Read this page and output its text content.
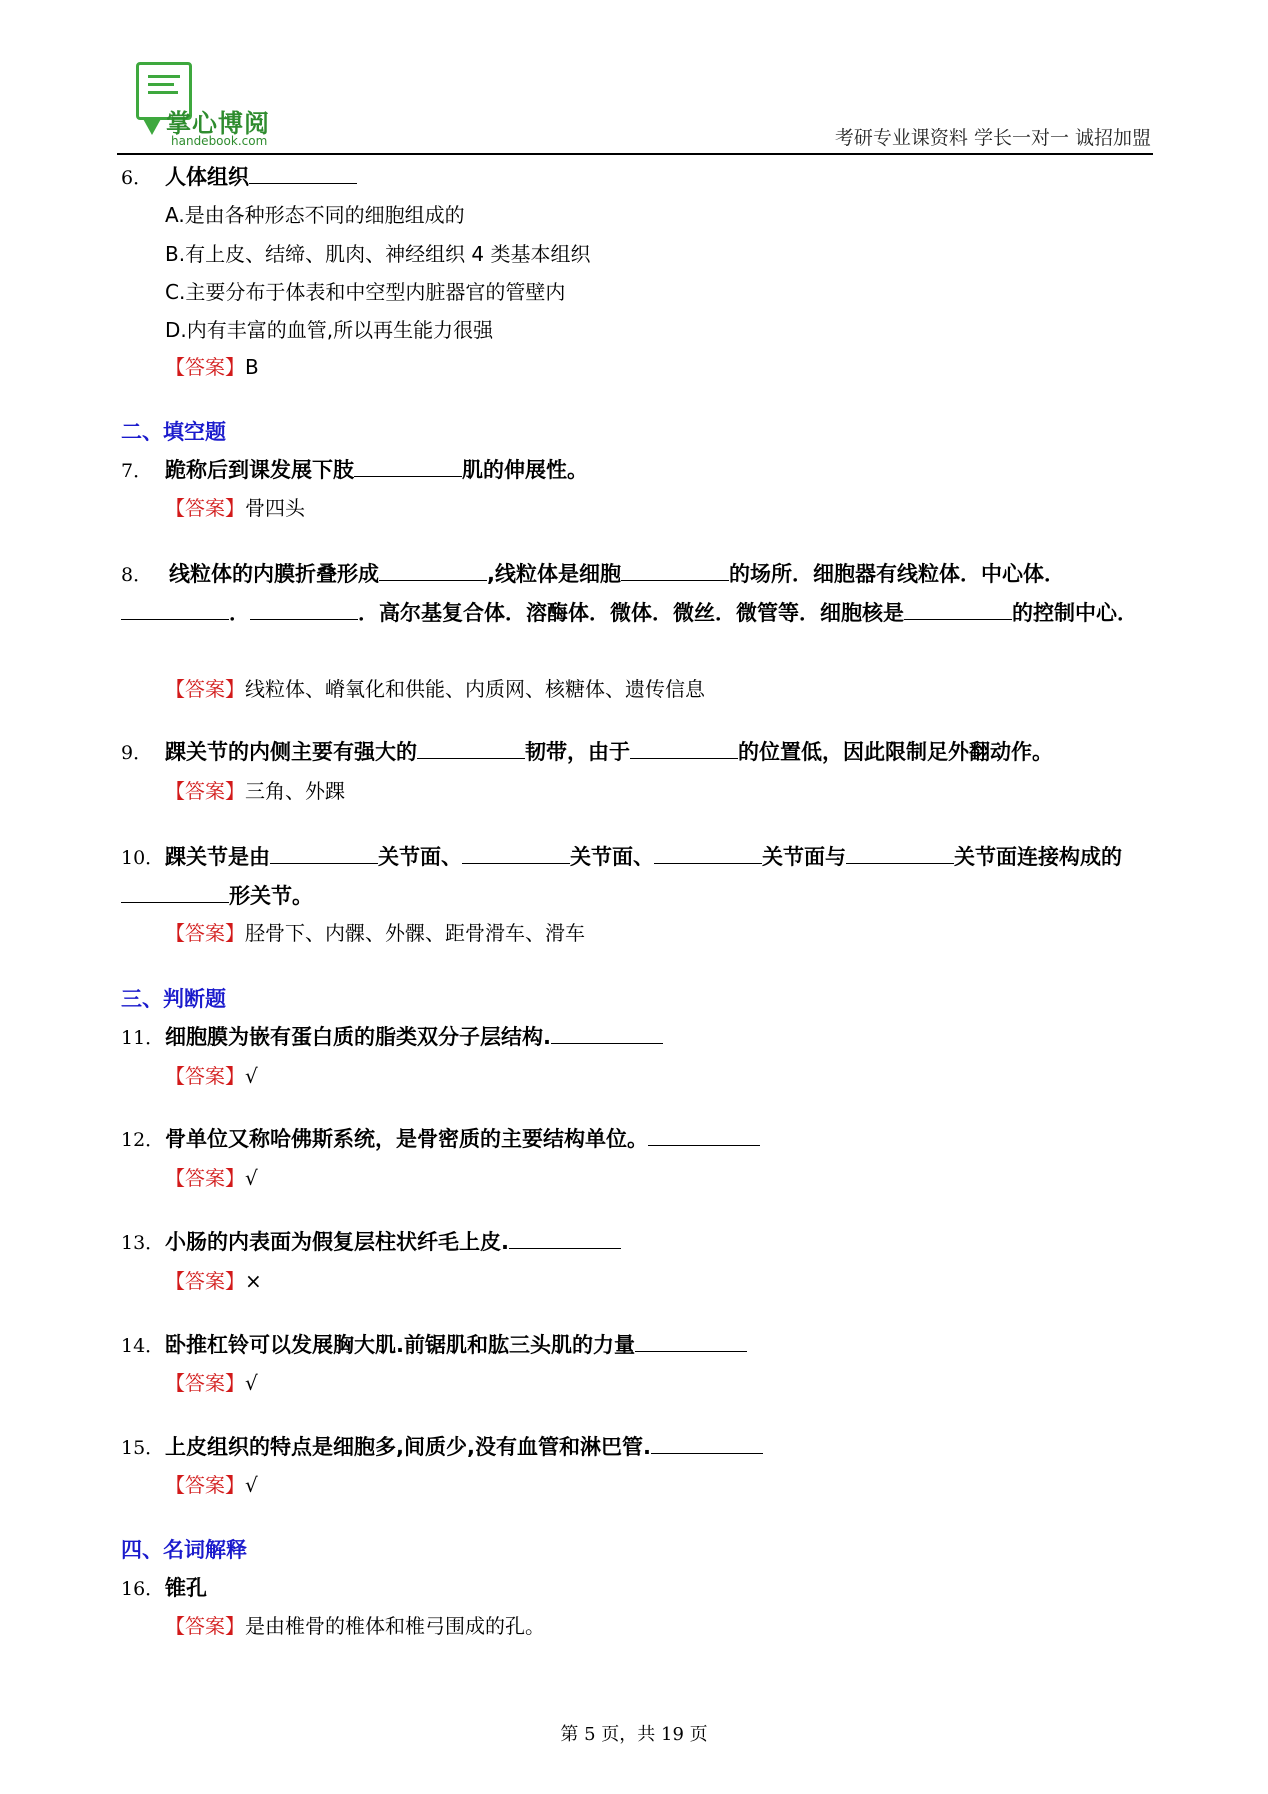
掌心博阅
handebook.com	考研专业课资料 学长一对一 诚招加盟
6． 人体组织
A.是由各种形态不同的细胞组成的
B.有上皮、结缔、肌肉、神经组织 4 类基本组织
C.主要分布于体表和中空型内脏器官的管壁内
D.内有丰富的血管,所以再生能力很强
【答案】B
二、填空题
7． 跪称后到课发展下肢	肌的伸展性。
【答案】骨四头
8． 线粒体的内膜折叠形成	,线粒体是细胞	的场所．细胞器有线粒体．中心体．．	．高尔基复合体．溶酶体．微体．微丝．微管等．细胞核是	的控制中心．
【答案】线粒体、嵴氧化和供能、内质网、核糖体、遗传信息
9． 踝关节的内侧主要有强大的	韧带，由于	的位置低，因此限制足外翻动作。
【答案】三角、外踝
10．踝关节是由	关节面、	关节面、	关节面与	关节面连接构成的形关节。
【答案】胫骨下、内髁、外髁、距骨滑车、滑车
三、判断题
11．细胞膜为嵌有蛋白质的脂类双分子层结构.
【答案】√
12．骨单位又称哈佛斯系统，是骨密质的主要结构单位。
【答案】√
13．小肠的内表面为假复层柱状纤毛上皮.
【答案】×
14．卧推杠铃可以发展胸大肌.前锯肌和肱三头肌的力量
【答案】√
15．上皮组织的特点是细胞多,间质少,没有血管和淋巴管.
【答案】√
四、名词解释
16．锥孔
【答案】是由椎骨的椎体和椎弓围成的孔。
第 5 页，共 19 页
